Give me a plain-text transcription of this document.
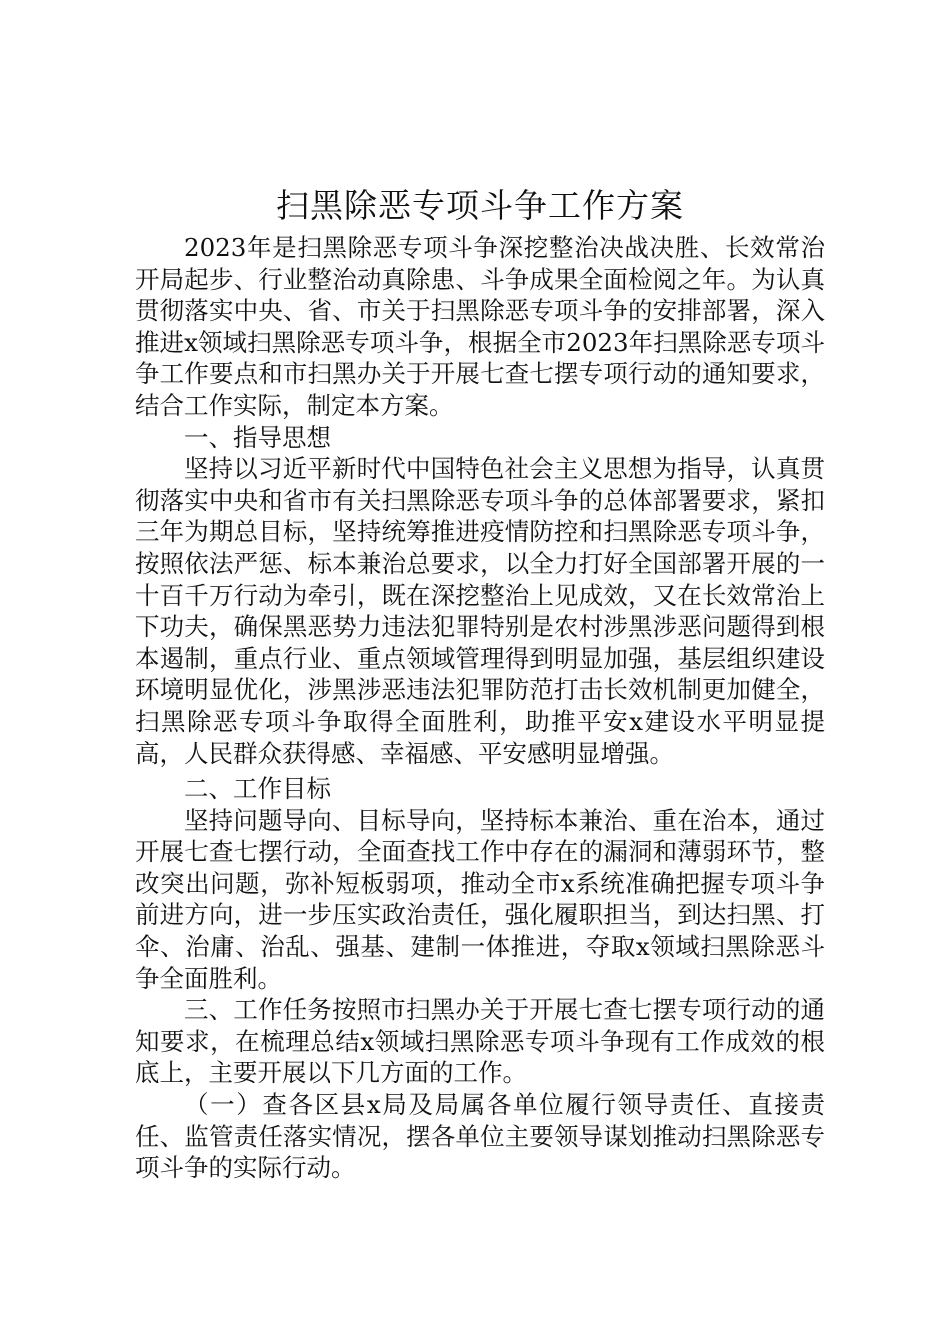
扫黑除恶专项斗争工作方案

2023年是扫黑除恶专项斗争深挖整治决战决胜、长效常治开局起步、行业整治动真除患、斗争成果全面检阅之年。为认真贯彻落实中央、省、市关于扫黑除恶专项斗争的安排部署，深入推进x领域扫黑除恶专项斗争，根据全市2023年扫黑除恶专项斗争工作要点和市扫黑办关于开展七查七摆专项行动的通知要求，结合工作实际，制定本方案。

一、指导思想

坚持以习近平新时代中国特色社会主义思想为指导，认真贯彻落实中央和省市有关扫黑除恶专项斗争的总体部署要求，紧扣三年为期总目标，坚持统筹推进疫情防控和扫黑除恶专项斗争，按照依法严惩、标本兼治总要求，以全力打好全国部署开展的一十百千万行动为牵引，既在深挖整治上见成效，又在长效常治上下功夫，确保黑恶势力违法犯罪特别是农村涉黑涉恶问题得到根本遏制，重点行业、重点领域管理得到明显加强，基层组织建设环境明显优化，涉黑涉恶违法犯罪防范打击长效机制更加健全，扫黑除恶专项斗争取得全面胜利，助推平安x建设水平明显提高，人民群众获得感、幸福感、平安感明显增强。

二、工作目标

坚持问题导向、目标导向，坚持标本兼治、重在治本，通过开展七查七摆行动，全面查找工作中存在的漏洞和薄弱环节，整改突出问题，弥补短板弱项，推动全市x系统准确把握专项斗争前进方向，进一步压实政治责任，强化履职担当，到达扫黑、打伞、治庸、治乱、强基、建制一体推进，夺取x领域扫黑除恶斗争全面胜利。

三、工作任务按照市扫黑办关于开展七查七摆专项行动的通知要求，在梳理总结x领域扫黑除恶专项斗争现有工作成效的根底上，主要开展以下几方面的工作。

（一）查各区县x局及局属各单位履行领导责任、直接责任、监管责任落实情况，摆各单位主要领导谋划推动扫黑除恶专项斗争的实际行动。
